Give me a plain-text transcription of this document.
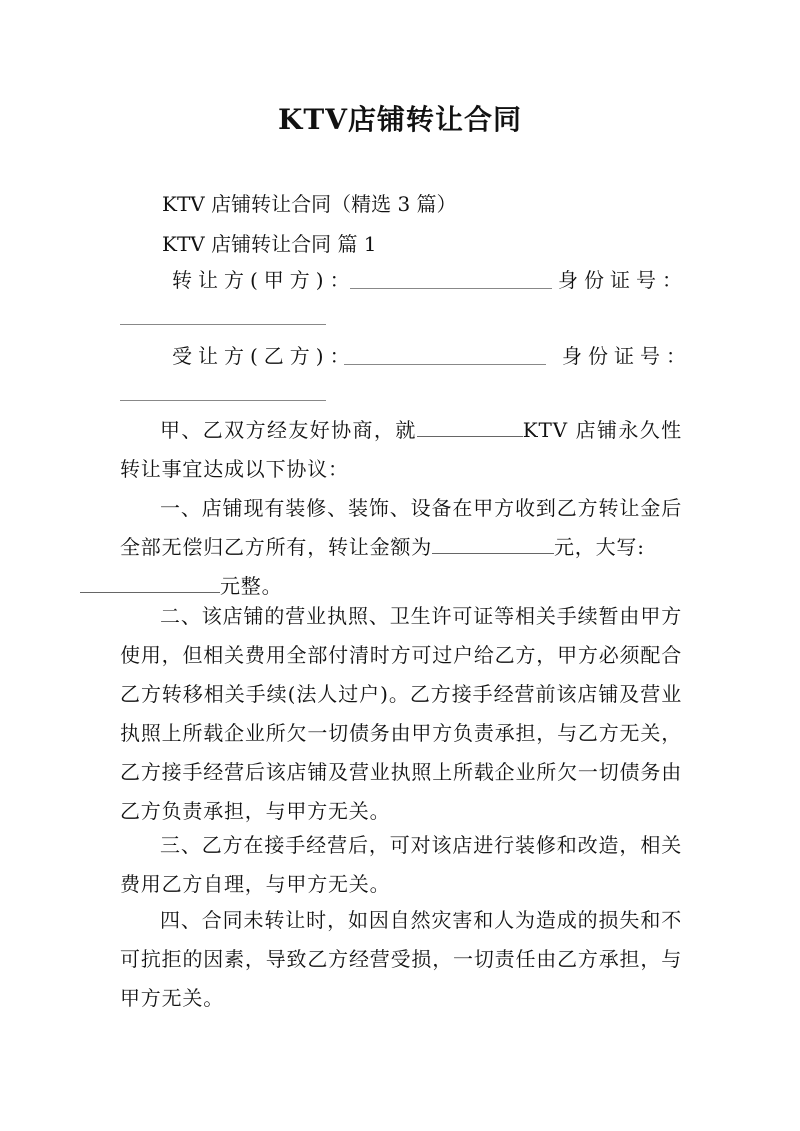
KTV店铺转让合同
KTV 店铺转让合同（精选 3 篇）
KTV 店铺转让合同 篇 1
转让方(甲方)：	身份证号：
受让方(乙方)：	身份证号：
甲、乙双方经友好协商，就	KTV 店铺永久性转让事宜达成以下协议：
一、店铺现有装修、装饰、设备在甲方收到乙方转让金后全部无偿归乙方所有，转让金额为	元，大写:
元整。
二、该店铺的营业执照、卫生许可证等相关手续暂由甲方使用，但相关费用全部付清时方可过户给乙方，甲方必须配合乙方转移相关手续(法人过户)。乙方接手经营前该店铺及营业执照上所载企业所欠一切债务由甲方负责承担，与乙方无关，乙方接手经营后该店铺及营业执照上所载企业所欠一切债务由乙方负责承担，与甲方无关。
三、乙方在接手经营后，可对该店进行装修和改造，相关费用乙方自理，与甲方无关。
四、合同未转让时，如因自然灾害和人为造成的损失和不可抗拒的因素，导致乙方经营受损，一切责任由乙方承担，与甲方无关。
